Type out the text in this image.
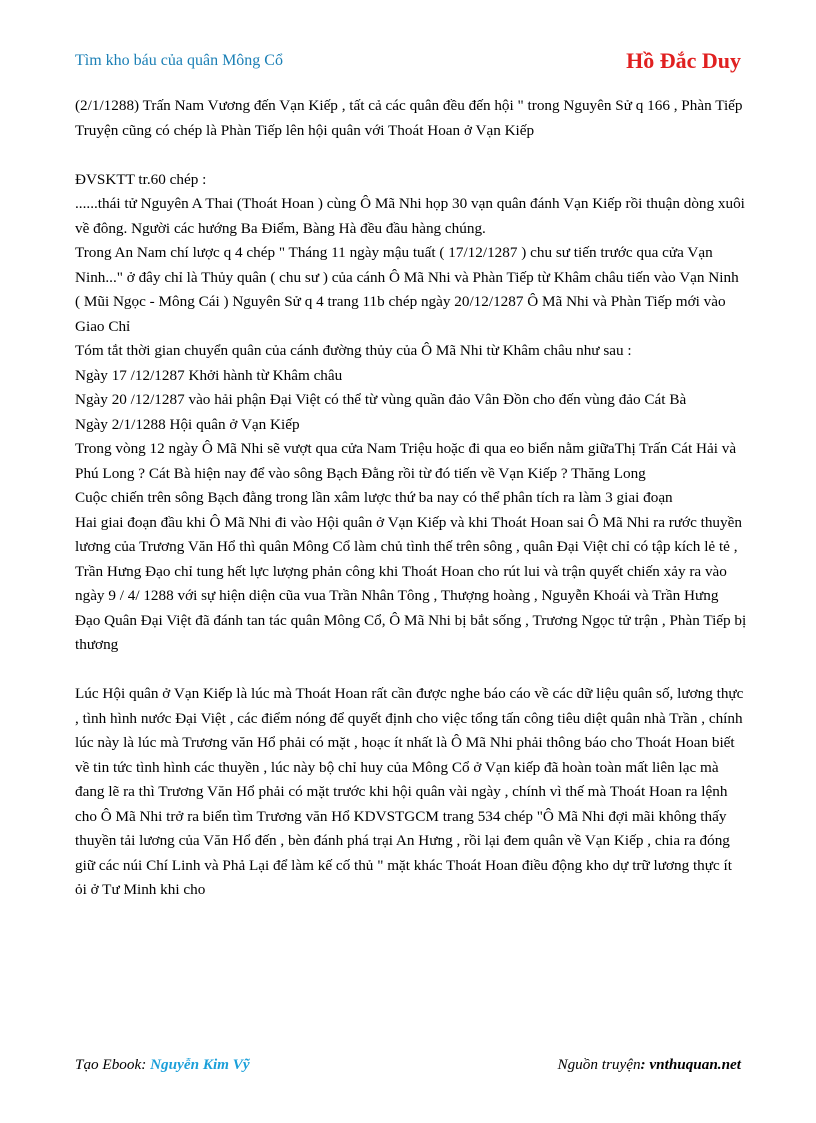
Tìm kho báu của quân Mông Cổ	Hồ Đắc Duy

(2/1/1288) Trấn Nam Vương đến Vạn Kiếp , tất cả các quân đều đến hội " trong Nguyên Sử q 166 , Phàn Tiếp Truyện cũng có chép là Phàn Tiếp lên hội quân với Thoát Hoan ở Vạn Kiếp

ĐVSKTT tr.60 chép :

......thái tử Nguyên A Thai (Thoát Hoan ) cùng Ô Mã Nhi họp 30 vạn quân đánh Vạn Kiếp rồi thuận dòng xuôi về đông. Người các hướng Ba Điểm, Bàng Hà đều đầu hàng chúng.

Trong An Nam chí lược q 4 chép " Tháng 11 ngày mậu tuất ( 17/12/1287 ) chu sư tiến trước qua cửa Vạn Ninh..." ở đây chỉ là Thủy quân ( chu sư ) của cánh Ô Mã Nhi và Phàn Tiếp từ Khâm châu tiến vào Vạn Ninh ( Mũi Ngọc - Mông Cái ) Nguyên Sử q 4 trang 11b chép ngày 20/12/1287 Ô Mã Nhi và Phàn Tiếp mới vào Giao Chỉ

Tóm tắt thời gian chuyển quân của cánh đường thủy của Ô Mã Nhi từ Khâm châu như sau :

Ngày 17 /12/1287 Khởi hành từ Khâm châu

Ngày 20 /12/1287 vào hải phận Đại Việt có thể từ vùng quần đảo Vân Đồn cho đến vùng đảo Cát Bà

Ngày 2/1/1288 Hội quân ở Vạn Kiếp

Trong vòng 12 ngày Ô Mã Nhi sẽ vượt qua cửa Nam Triệu hoặc đi qua eo biển nằm giữaThị Trấn Cát Hải và Phú Long ? Cát Bà hiện nay để vào sông Bạch Đằng rồi từ đó tiến về Vạn Kiếp ? Thăng Long

Cuộc chiến trên sông Bạch đằng trong lần xâm lược thứ ba nay có thể phân tích ra làm 3 giai đoạn

Hai giai đoạn đầu khi Ô Mã Nhi đi vào Hội quân ở Vạn Kiếp và khi Thoát Hoan sai Ô Mã Nhi ra rước thuyền lương của Trương Văn Hổ thì quân Mông Cổ làm chủ tình thế trên sông , quân Đại Việt chỉ có tập kích lẻ tẻ , Trần Hưng Đạo chỉ tung hết lực lượng phản công khi Thoát Hoan cho rút lui và trận quyết chiến xảy ra vào ngày 9 / 4/ 1288 với sự hiện diện cũa vua Trần Nhân Tông , Thượng hoàng , Nguyễn Khoái và Trần Hưng Đạo Quân Đại Việt đã đánh tan tác quân Mông Cổ, Ô Mã Nhi bị bắt sống , Trương Ngọc tử trận , Phàn Tiếp bị thương

Lúc Hội quân ở Vạn Kiếp là lúc mà Thoát Hoan rất cần được nghe báo cáo về các dữ liệu quân số, lương thực , tình hình nước Đại Việt , các điểm nóng để quyết định cho việc tổng tấn công tiêu diệt quân nhà Trần , chính lúc này là lúc mà Trương văn Hổ phải có mặt , hoạc ít nhất là Ô Mã Nhi phải thông báo cho Thoát Hoan biết về tin tức tình hình các thuyền , lúc này bộ chỉ huy của Mông Cổ ở Vạn kiếp đã hoàn toàn mất liên lạc mà đang lẽ ra thì Trương Văn Hổ phải có mặt trước khi hội quân vài ngày , chính vì thế mà Thoát Hoan ra lệnh cho Ô Mã Nhi trở ra biển tìm Trương văn Hổ KDVSTGCM trang 534 chép "Ô Mã Nhi đợi mãi không thấy thuyền tải lương của Văn Hổ đến , bèn đánh phá trại An Hưng , rồi lại đem quân về Vạn Kiếp , chia ra đóng giữ các núi Chí Linh và Phả Lại để làm kế cố thủ " mặt khác Thoát Hoan điều động kho dự trữ lương thực ít ỏi ở Tư Minh khi cho

Tạo Ebook: Nguyễn Kim Vỹ	Nguồn truyện: vnthuquan.net
